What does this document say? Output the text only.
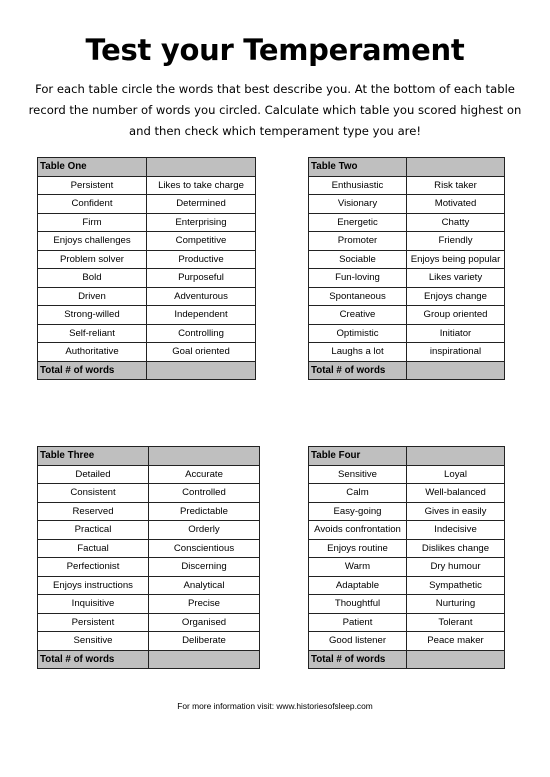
Test your Temperament
For each table circle the words that best describe you. At the bottom of each table record the number of words you circled. Calculate which table you scored highest on and then check which temperament type you are!
Table One	
Persistent	Likes to take charge
Confident	Determined
Firm	Enterprising
Enjoys challenges	Competitive
Problem solver	Productive
Bold	Purposeful
Driven	Adventurous
Strong-willed	Independent
Self-reliant	Controlling
Authoritative	Goal oriented
Total # of words	
Table Two	
Enthusiastic	Risk taker
Visionary	Motivated
Energetic	Chatty
Promoter	Friendly
Sociable	Enjoys being popular
Fun-loving	Likes variety
Spontaneous	Enjoys change
Creative	Group oriented
Optimistic	Initiator
Laughs a lot	inspirational
Total # of words	
Table Three	
Detailed	Accurate
Consistent	Controlled
Reserved	Predictable
Practical	Orderly
Factual	Conscientious
Perfectionist	Discerning
Enjoys instructions	Analytical
Inquisitive	Precise
Persistent	Organised
Sensitive	Deliberate
Total # of words	
Table Four	
Sensitive	Loyal
Calm	Well-balanced
Easy-going	Gives in easily
Avoids confrontation	Indecisive
Enjoys routine	Dislikes change
Warm	Dry humour
Adaptable	Sympathetic
Thoughtful	Nurturing
Patient	Tolerant
Good listener	Peace maker
Total # of words	
For more information visit: www.historiesofsleep.com
